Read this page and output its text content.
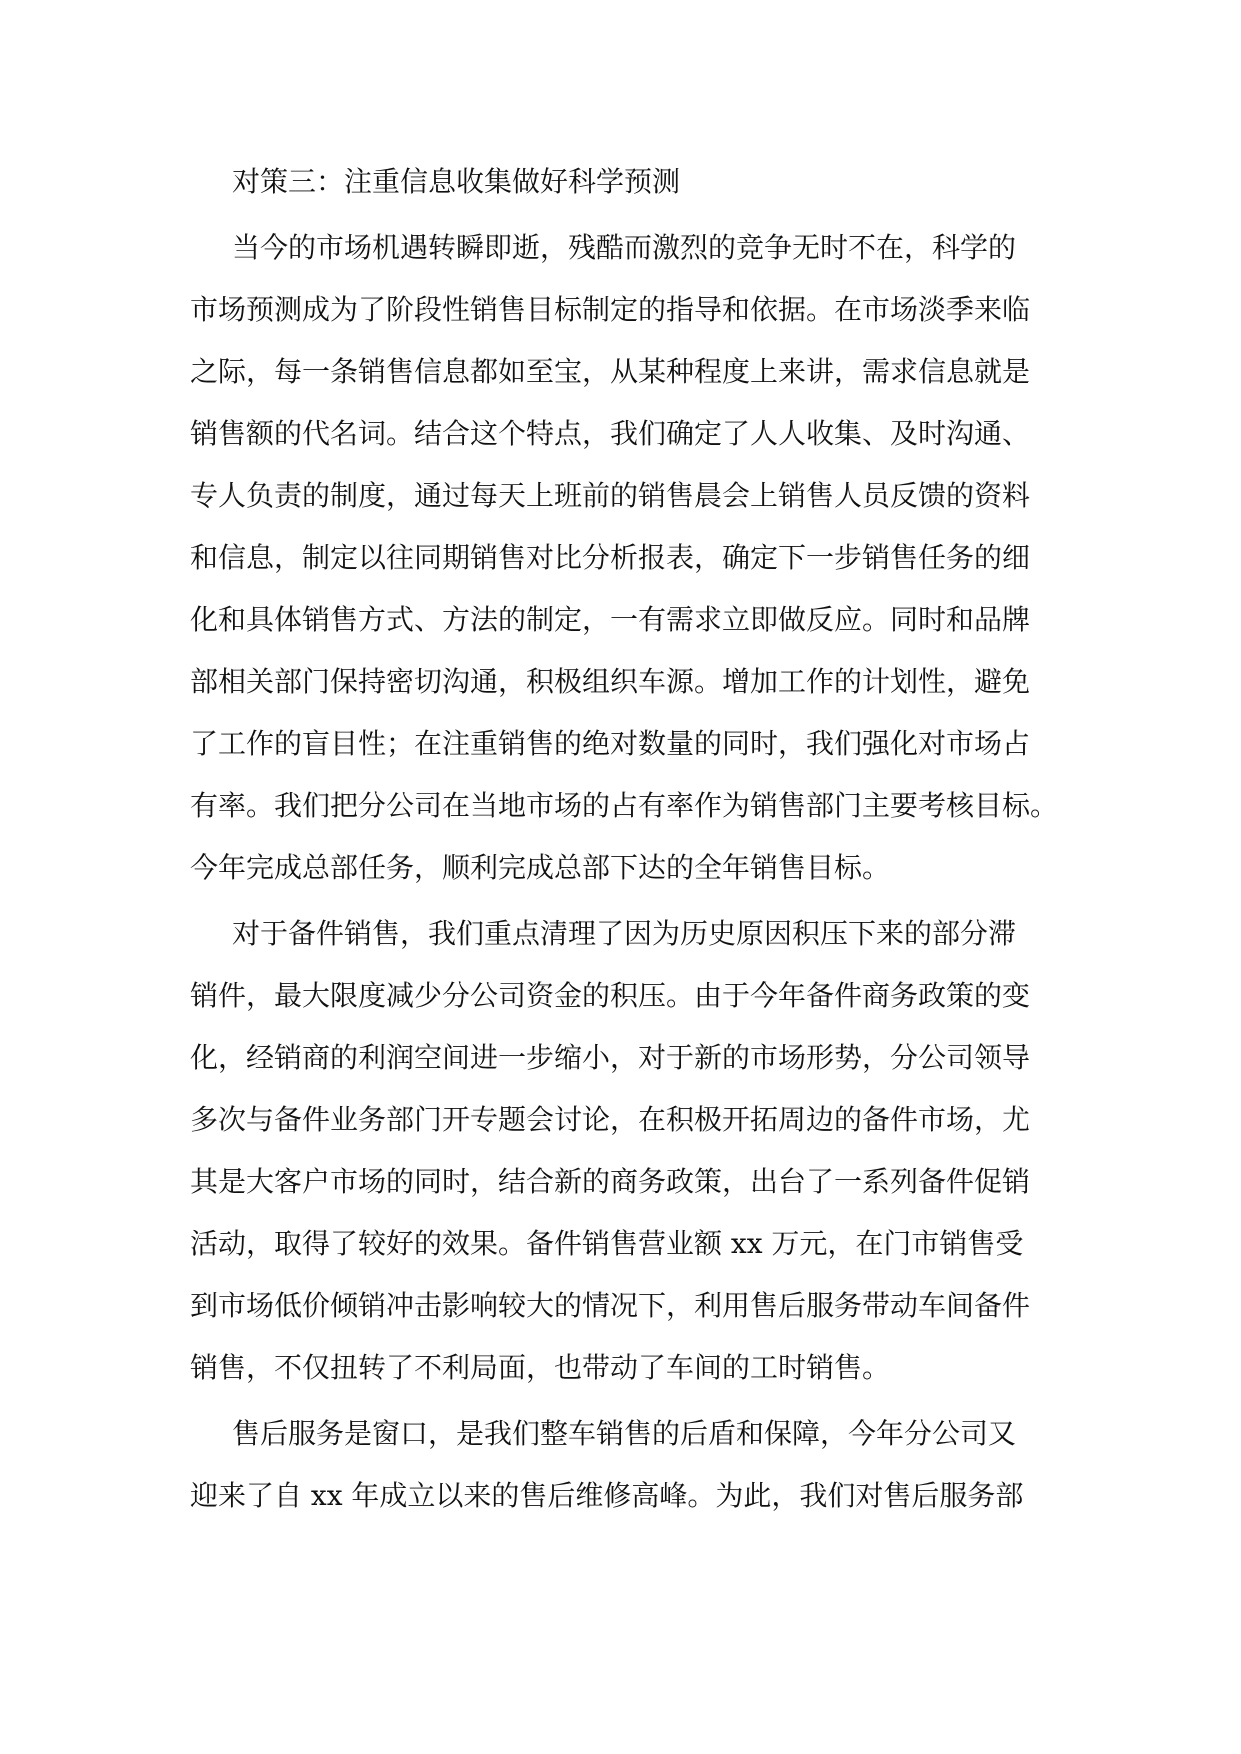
对策三：注重信息收集做好科学预测
当今的市场机遇转瞬即逝，残酷而激烈的竞争无时不在，科学的
市场预测成为了阶段性销售目标制定的指导和依据。在市场淡季来临
之际，每一条销售信息都如至宝，从某种程度上来讲，需求信息就是
销售额的代名词。结合这个特点，我们确定了人人收集、及时沟通、
专人负责的制度，通过每天上班前的销售晨会上销售人员反馈的资料
和信息，制定以往同期销售对比分析报表，确定下一步销售任务的细
化和具体销售方式、方法的制定，一有需求立即做反应。同时和品牌
部相关部门保持密切沟通，积极组织车源。增加工作的计划性，避免
了工作的盲目性；在注重销售的绝对数量的同时，我们强化对市场占
有率。我们把分公司在当地市场的占有率作为销售部门主要考核目标。
今年完成总部任务，顺利完成总部下达的全年销售目标。
对于备件销售，我们重点清理了因为历史原因积压下来的部分滞
销件，最大限度减少分公司资金的积压。由于今年备件商务政策的变
化，经销商的利润空间进一步缩小，对于新的市场形势，分公司领导
多次与备件业务部门开专题会讨论，在积极开拓周边的备件市场，尤
其是大客户市场的同时，结合新的商务政策，出台了一系列备件促销
活动，取得了较好的效果。备件销售营业额 xx 万元，在门市销售受
到市场低价倾销冲击影响较大的情况下，利用售后服务带动车间备件
销售，不仅扭转了不利局面，也带动了车间的工时销售。
售后服务是窗口，是我们整车销售的后盾和保障，今年分公司又
迎来了自 xx 年成立以来的售后维修高峰。为此，我们对售后服务部
